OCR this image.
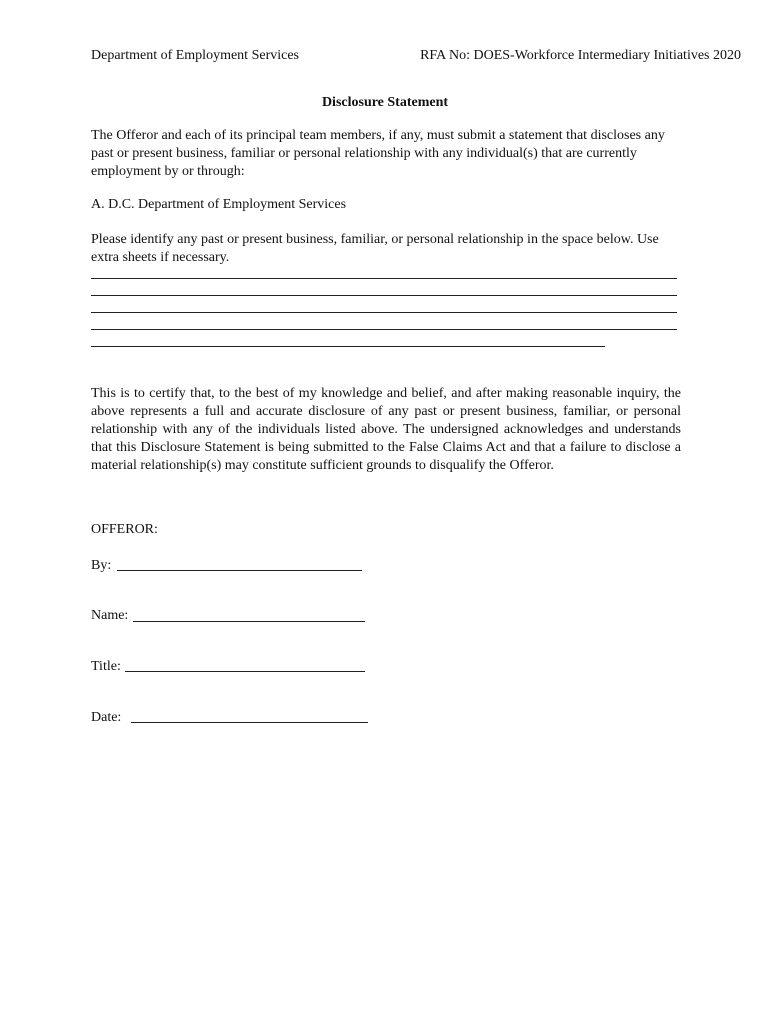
Department of Employment Services	RFA No: DOES-Workforce Intermediary Initiatives 2020
Disclosure Statement
The Offeror and each of its principal team members, if any, must submit a statement that discloses any past or present business, familiar or personal relationship with any individual(s) that are currently employment by or through:
A. D.C. Department of Employment Services
Please identify any past or present business, familiar, or personal relationship in the space below. Use extra sheets if necessary.
This is to certify that, to the best of my knowledge and belief, and after making reasonable inquiry, the above represents a full and accurate disclosure of any past or present business, familiar, or personal relationship with any of the individuals listed above. The undersigned acknowledges and understands that this Disclosure Statement is being submitted to the False Claims Act and that a failure to disclose a material relationship(s) may constitute sufficient grounds to disqualify the Offeror.
OFFEROR:
By:
Name:
Title:
Date:
